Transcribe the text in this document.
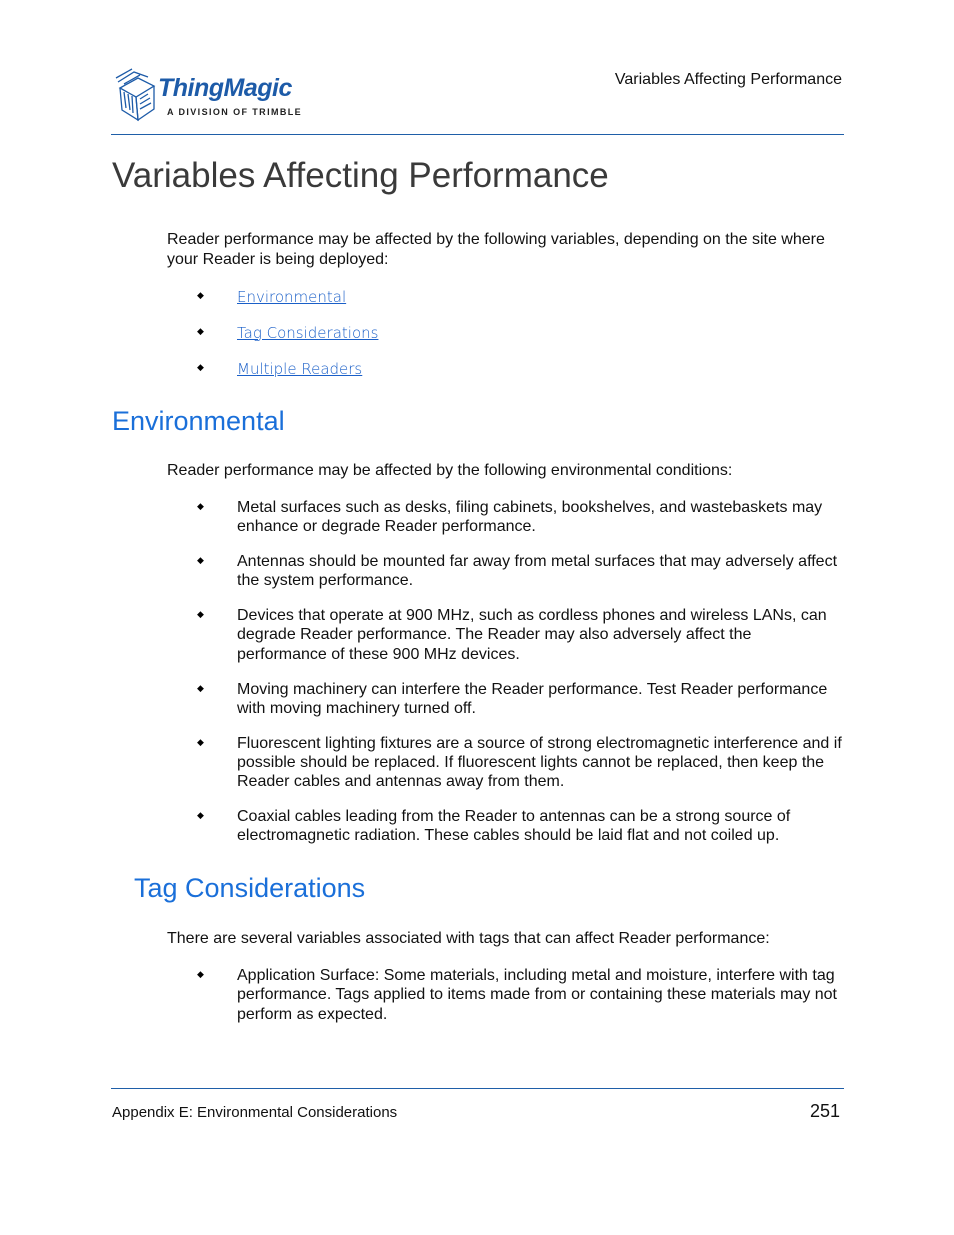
ThingMagic
A DIVISION OF TRIMBLE
Variables Affecting Performance
Variables Affecting Performance

Reader performance may be affected by the following variables, depending on the site where your Reader is being deployed:

◆ Environmental
◆ Tag Considerations
◆ Multiple Readers
Environmental

Reader performance may be affected by the following environmental conditions:

◆ Metal surfaces such as desks, filing cabinets, bookshelves, and wastebaskets may enhance or degrade Reader performance.
◆ Antennas should be mounted far away from metal surfaces that may adversely affect the system performance.
◆ Devices that operate at 900 MHz, such as cordless phones and wireless LANs, can degrade Reader performance. The Reader may also adversely affect the performance of these 900 MHz devices.
◆ Moving machinery can interfere the Reader performance. Test Reader performance with moving machinery turned off.
◆ Fluorescent lighting fixtures are a source of strong electromagnetic interference and if possible should be replaced. If fluorescent lights cannot be replaced, then keep the Reader cables and antennas away from them.
◆ Coaxial cables leading from the Reader to antennas can be a strong source of electromagnetic radiation. These cables should be laid flat and not coiled up.
Tag Considerations

There are several variables associated with tags that can affect Reader performance:

◆ Application Surface: Some materials, including metal and moisture, interfere with tag performance. Tags applied to items made from or containing these materials may not perform as expected.
Appendix E: Environmental Considerations	251
